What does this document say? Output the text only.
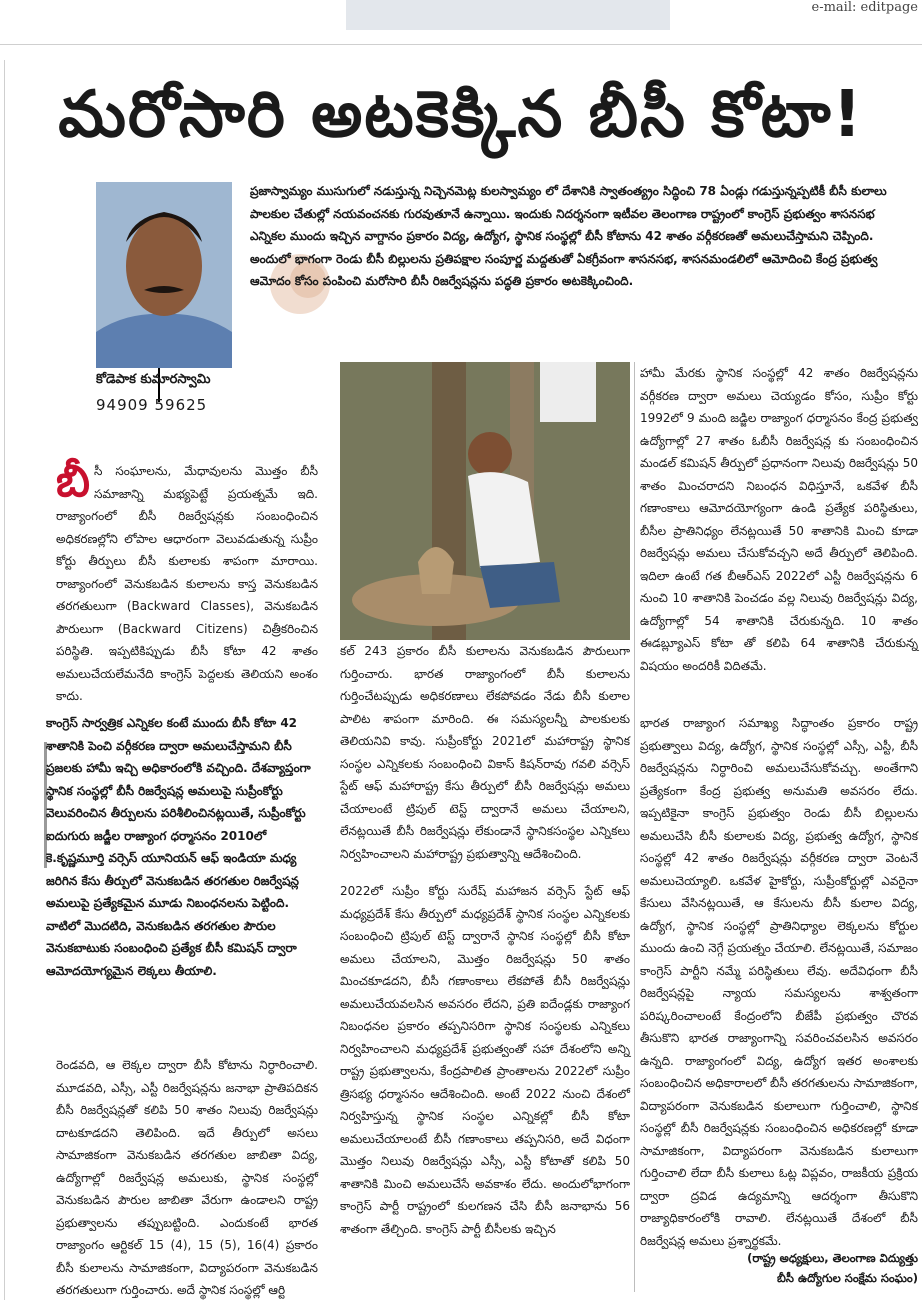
e-mail: editpage
మరోసారి అటకెక్కిన బీసీ కోటా!
కోడెపాక కుమారస్వామి
94909 59625

ప్రజాస్వామ్యం ముసుగులో నడుస్తున్న నిచ్చెనమెట్ల కులస్వామ్యం లో దేశానికి స్వాతంత్య్రం సిద్ధించి 78 ఏండ్లు గడుస్తున్నప్పటికీ బీసీ కులాలు పాలకుల చేతుల్లో నయవంచనకు గురవుతూనే ఉన్నాయి. ఇందుకు నిదర్శనంగా ఇటీవల తెలంగాణ రాష్ట్రంలో కాంగ్రెస్ ప్రభుత్వం శాసనసభ ఎన్నికల ముందు ఇచ్చిన వాగ్దానం ప్రకారం విద్య, ఉద్యోగ, స్థానిక సంస్థల్లో బీసీ కోటాను 42 శాతం వర్గీకరణతో అమలుచేస్తామని చెప్పింది. అందులో భాగంగా రెండు బీసీ బిల్లులను ప్రతిపక్షాల సంపూర్ణ మద్దతుతో ఏకగ్రీవంగా శాసనసభ, శాసనమండలిలో ఆమోదించి కేంద్ర ప్రభుత్వ ఆమోదం కోసం పంపించి మరోసారి బీసీ రిజర్వేషన్లను పద్ధతి ప్రకారం అటకెక్కించింది.

బీ సీ సంఘాలను, మేధావులను మొత్తం బీసీ సమాజాన్ని మభ్యపెట్టే ప్రయత్నమే ఇది. రాజ్యాంగంలో బీసీ రిజర్వేషన్లకు సంబంధించిన అధికరణల్లోని లోపాల ఆధారంగా వెలువడుతున్న సుప్రీం కోర్టు తీర్పులు బీసీ కులాలకు శాపంగా మారాయి. రాజ్యాంగంలో వెనుకబడిన కులాలను కాస్త వెనుకబడిన తరగతులుగా (Backward Classes), వెనుకబడిన పౌరులుగా (Backward Citizens) చిత్రీకరించిన పరిస్థితి. ఇప్పటికిప్పుడు బీసీ కోటా 42 శాతం అమలుచేయలేమనేది కాంగ్రెస్ పెద్దలకు తెలియని అంశం కాదు.

కాంగ్రెస్ సార్వత్రిక ఎన్నికల కంటే ముందు బీసీ కోటా 42 శాతానికి పెంచి వర్గీకరణ ద్వారా అమలుచేస్తామని బీసీ ప్రజలకు హామీ ఇచ్చి అధికారంలోకి వచ్చింది. దేశవ్యాప్తంగా స్థానిక సంస్థల్లో బీసీ రిజర్వేషన్ల అమలుపై సుప్రీంకోర్టు వెలువరించిన తీర్పులను పరిశీలించినట్లయితే, సుప్రీంకోర్టు ఐదుగురు జడ్జీల రాజ్యాంగ ధర్మాసనం 2010లో కె.కృష్ణమూర్తి వర్సెస్ యూనియన్ ఆఫ్ ఇండియా మధ్య జరిగిన కేసు తీర్పులో వెనుకబడిన తరగతుల రిజర్వేషన్ల అమలుపై ప్రత్యేకమైన మూడు నిబంధనలను పెట్టింది. వాటిలో మొదటిది, వెనుకబడిన తరగతుల పౌరుల వెనుకబాటుకు సంబంధించి ప్రత్యేక బీసీ కమిషన్ ద్వారా ఆమోదయోగ్యమైన లెక్కలు తీయాలి.

రెండవది, ఆ లెక్కల ద్వారా బీసీ కోటాను నిర్ధారించాలి. మూడవది, ఎస్సీ, ఎస్టీ రిజర్వేషన్లను జనాభా ప్రాతిపదికన బీసీ రిజర్వేషన్లతో కలిపి 50 శాతం నిలువు రిజర్వేషన్లు దాటకూడదని తెలిపింది. ఇదే తీర్పులో అసలు సామాజికంగా వెనుకబడిన తరగతుల జాబితా విద్య, ఉద్యోగాల్లో రిజర్వేషన్ల అమలుకు, స్థానిక సంస్థల్లో వెనుకబడిన పౌరుల జాబితా వేరుగా ఉండాలని రాష్ట్ర ప్రభుత్వాలను తప్పుబట్టింది. ఎందుకంటే భారత రాజ్యాంగం ఆర్టికల్ 15 (4), 15 (5), 16(4) ప్రకారం బీసీ కులాలను సామాజికంగా, విద్యాపరంగా వెనుకబడిన తరగతులుగా గుర్తించారు. అదే స్థానిక సంస్థల్లో ఆర్టి

కల్ 243 ప్రకారం బీసీ కులాలను వెనుకబడిన పౌరులుగా గుర్తించారు. భారత రాజ్యాంగంలో బీసీ కులాలను గుర్తించేటప్పుడు అధికరణాలు లేకపోవడం నేడు బీసీ కులాల పాలిట శాపంగా మారింది. ఈ సమస్యలన్నీ పాలకులకు తెలియనివి కావు. సుప్రీంకోర్టు 2021లో మహారాష్ట్ర స్థానిక సంస్థల ఎన్నికలకు సంబంధించి వికాస్ కిషన్‌రావు గవలి వర్సెస్ స్టేట్ ఆఫ్ మహారాష్ట్ర కేసు తీర్పులో బీసీ రిజర్వేషన్లు అమలు చేయాలంటే ట్రిపుల్ టెస్ట్ ద్వారానే అమలు చేయాలని, లేనట్లయితే బీసీ రిజర్వేషన్లు లేకుండానే స్థానికసంస్థల ఎన్నికలు నిర్వహించాలని మహారాష్ట్ర ప్రభుత్వాన్ని ఆదేశించింది.

2022లో సుప్రీం కోర్టు సురేష్ మహాజన వర్సెస్ స్టేట్ ఆఫ్ మధ్యప్రదేశ్ కేసు తీర్పులో మధ్యప్రదేశ్ స్థానిక సంస్థల ఎన్నికలకు సంబంధించి ట్రిపుల్ టెస్ట్ ద్వారానే స్థానిక సంస్థల్లో బీసీ కోటా అమలు చేయాలని, మొత్తం రిజర్వేషన్లు 50 శాతం మించకూడదని, బీసీ గణాంకాలు లేకపోతే బీసీ రిజర్వేషన్లు అమలుచేయవలసిన అవసరం లేదని, ప్రతి ఐదేండ్లకు రాజ్యాంగ నిబంధనల ప్రకారం తప్పనిసరిగా స్థానిక సంస్థలకు ఎన్నికలు నిర్వహించాలని మధ్యప్రదేశ్ ప్రభుత్వంతో సహా దేశంలోని అన్ని రాష్ట్ర ప్రభుత్వాలను, కేంద్రపాలిత ప్రాంతాలను 2022లో సుప్రీం త్రిసభ్య ధర్మాసనం ఆదేశించింది. అంటే 2022 నుంచి దేశంలో నిర్వహిస్తున్న స్థానిక సంస్థల ఎన్నికల్లో బీసీ కోటా అమలుచేయాలంటే బీసీ గణాంకాలు తప్పనిసరి, అదే విధంగా మొత్తం నిలువు రిజర్వేషన్లు ఎస్సీ, ఎస్టీ కోటాతో కలిపి 50 శాతానికి మించి అమలుచేసే అవకాశం లేదు. అందులోభాగంగా కాంగ్రెస్ పార్టీ రాష్ట్రంలో కులగణన చేసి బీసీ జనాభాను 56 శాతంగా తేల్చింది. కాంగ్రెస్ పార్టీ బీసీలకు ఇచ్చిన

హామీ మేరకు స్థానిక సంస్థల్లో 42 శాతం రిజర్వేషన్లను వర్గీకరణ ద్వారా అమలు చెయ్యడం కోసం, సుప్రీం కోర్టు 1992లో 9 మంది జడ్జిల రాజ్యాంగ ధర్మాసనం కేంద్ర ప్రభుత్వ ఉద్యోగాల్లో 27 శాతం ఓబీసీ రిజర్వేషన్ల కు సంబంధించిన మండల్ కమిషన్ తీర్పులో ప్రధానంగా నిలువు రిజర్వేషన్లు 50 శాతం మించరాదని నిబంధన విధిస్తూనే, ఒకవేళ బీసీ గణాంకాలు ఆమోదయోగ్యంగా ఉండి ప్రత్యేక పరిస్థితులు, బీసీల ప్రాతినిధ్యం లేనట్లయితే 50 శాతానికి మించి కూడా రిజర్వేషన్లు అమలు చేసుకోవచ్చని అదే తీర్పులో తెలిపింది. ఇదిలా ఉంటే గత బీఆర్ఎస్ 2022లో ఎస్టీ రిజర్వేషన్లను 6 నుంచి 10 శాతానికి పెంచడం వల్ల నిలువు రిజర్వేషన్లు విద్య, ఉద్యోగాల్లో 54 శాతానికి చేరుకున్నది. 10 శాతం ఈడబ్ల్యూఎస్ కోటా తో కలిపి 64 శాతానికి చేరుకున్న విషయం అందరికీ విదితమే.

భారత రాజ్యాంగ సమాఖ్య సిద్ధాంతం ప్రకారం రాష్ట్ర ప్రభుత్వాలు విద్య, ఉద్యోగ, స్థానిక సంస్థల్లో ఎస్సీ, ఎస్టీ, బీసీ రిజర్వేషన్లను నిర్ధారించి అమలుచేసుకోవచ్చు. అంతేగాని ప్రత్యేకంగా కేంద్ర ప్రభుత్వ అనుమతి అవసరం లేదు. ఇప్పటికైనా కాంగ్రెస్ ప్రభుత్వం రెండు బీసీ బిల్లులను అమలుచేసి బీసీ కులాలకు విద్య, ప్రభుత్వ ఉద్యోగ, స్థానిక సంస్థల్లో 42 శాతం రిజర్వేషన్లు వర్గీకరణ ద్వారా వెంటనే అమలుచెయ్యాలి. ఒకవేళ హైకోర్టు, సుప్రీంకోర్టుల్లో ఎవరైనా కేసులు వేసినట్లయితే, ఆ కేసులను బీసీ కులాల విద్య, ఉద్యోగ, స్థానిక సంస్థల్లో ప్రాతినిధ్యాల లెక్కలను కోర్టుల ముందు ఉంచి నెగ్గే ప్రయత్నం చేయాలి. లేనట్లయితే, సమాజం కాంగ్రెస్ పార్టీని నమ్మే పరిస్థితులు లేవు. అదేవిధంగా బీసీ రిజర్వేషన్లపై న్యాయ సమస్యలను శాశ్వతంగా పరిష్కరించాలంటే కేంద్రంలోని బీజేపీ ప్రభుత్వం చొరవ తీసుకొని భారత రాజ్యాంగాన్ని సవరించవలసిన అవసరం ఉన్నది. రాజ్యాంగంలో విద్య, ఉద్యోగ ఇతర అంశాలకు సంబంధించిన అధికారాలలో బీసీ తరగతులను సామాజికంగా, విద్యాపరంగా వెనుకబడిన కులాలుగా గుర్తించాలి, స్థానిక సంస్థల్లో బీసీ రిజర్వేషన్లకు సంబంధించిన అధికరణల్లో కూడా సామాజికంగా, విద్యాపరంగా వెనుకబడిన కులాలుగా గుర్తించాలి లేదా బీసీ కులాలు ఓట్ల విప్లవం, రాజకీయ ప్రక్రియ ద్వారా ద్రవిడ ఉద్యమాన్ని ఆదర్శంగా తీసుకొని రాజ్యాధికారంలోకి రావాలి. లేనట్లయితే దేశంలో బీసీ రిజర్వేషన్ల అమలు ప్రశ్నార్థకమే.

(రాష్ట్ర అధ్యక్షులు, తెలంగాణ విద్యుత్తు
బీసీ ఉద్యోగుల సంక్షేమ సంఘం)
